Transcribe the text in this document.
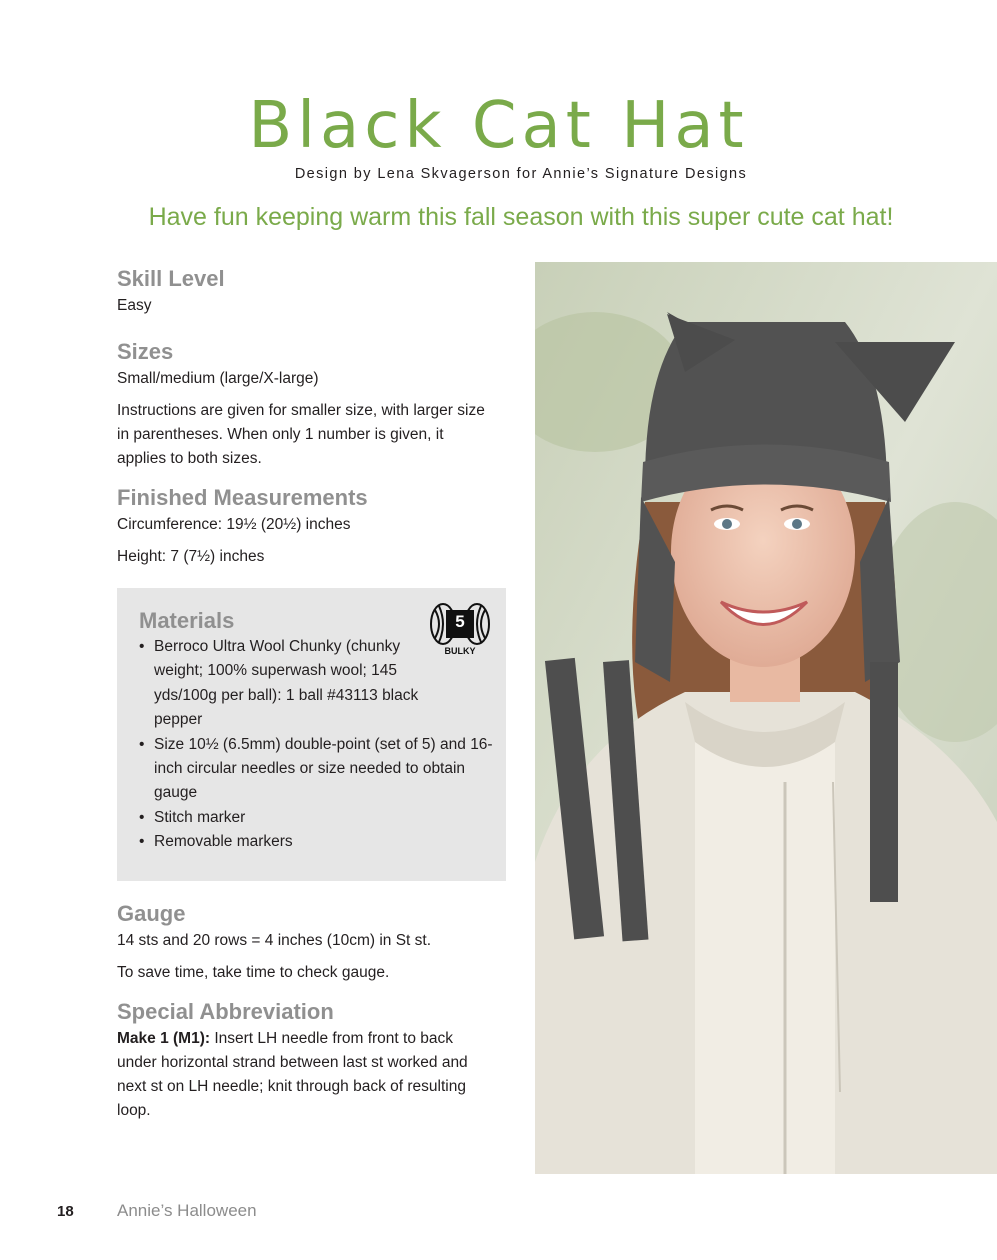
Black Cat Hat
Design by Lena Skvagerson for Annie’s Signature Designs
Have fun keeping warm this fall season with this super cute cat hat!
Skill Level

Easy

Sizes

Small/medium (large/X-large)

Instructions are given for smaller size, with larger size in parentheses. When only 1 number is given, it applies to both sizes.

Finished Measurements

Circumference: 19½ (20½) inches

Height: 7 (7½) inches

Materials	5
BULKY
• Berroco Ultra Wool Chunky (chunky weight; 100% superwash wool; 145 yds/100g per ball): 1 ball #43113 black pepper
• Size 10½ (6.5mm) double-point (set of 5) and 16-inch circular needles or size needed to obtain gauge
• Stitch marker
• Removable markers
Gauge

14 sts and 20 rows = 4 inches (10cm) in St st.

To save time, take time to check gauge.

Special Abbreviation

Make 1 (M1): Insert LH needle from front to back under horizontal strand between last st worked and next st on LH needle; knit through back of resulting loop.

18	Annie’s Halloween
